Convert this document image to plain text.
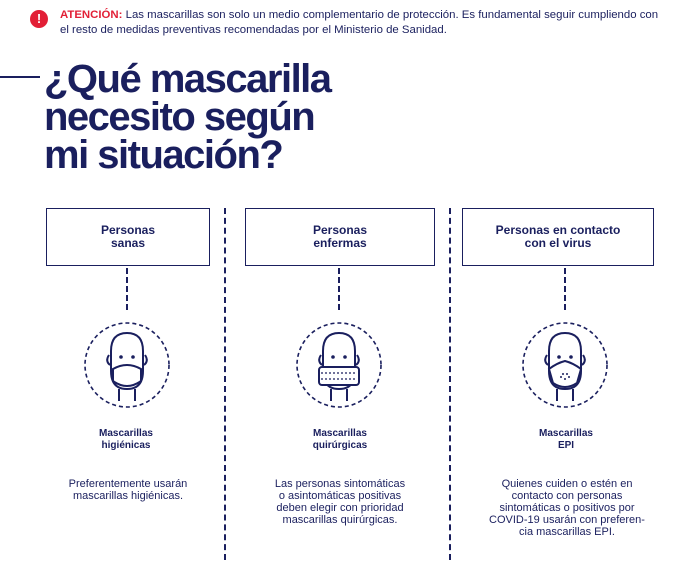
!	ATENCIÓN: Las mascarillas son solo un medio complementario de protección. Es fundamental seguir cumpliendo con el resto de medidas preventivas recomendadas por el Ministerio de Sanidad.
¿Qué mascarilla
necesito según
mi situación?
Personas
sanas
Mascarillas
higiénicas
Preferentemente usarán
mascarillas higiénicas.
Personas
enfermas
Mascarillas
quirúrgicas
Las personas sintomáticas
o asintomáticas positivas
deben elegir con prioridad
mascarillas quirúrgicas.
Personas en contacto
con el virus
Mascarillas
EPI
Quienes cuiden o estén en
contacto con personas
sintomáticas o positivos por
COVID-19 usarán con preferen-
cia mascarillas EPI.
